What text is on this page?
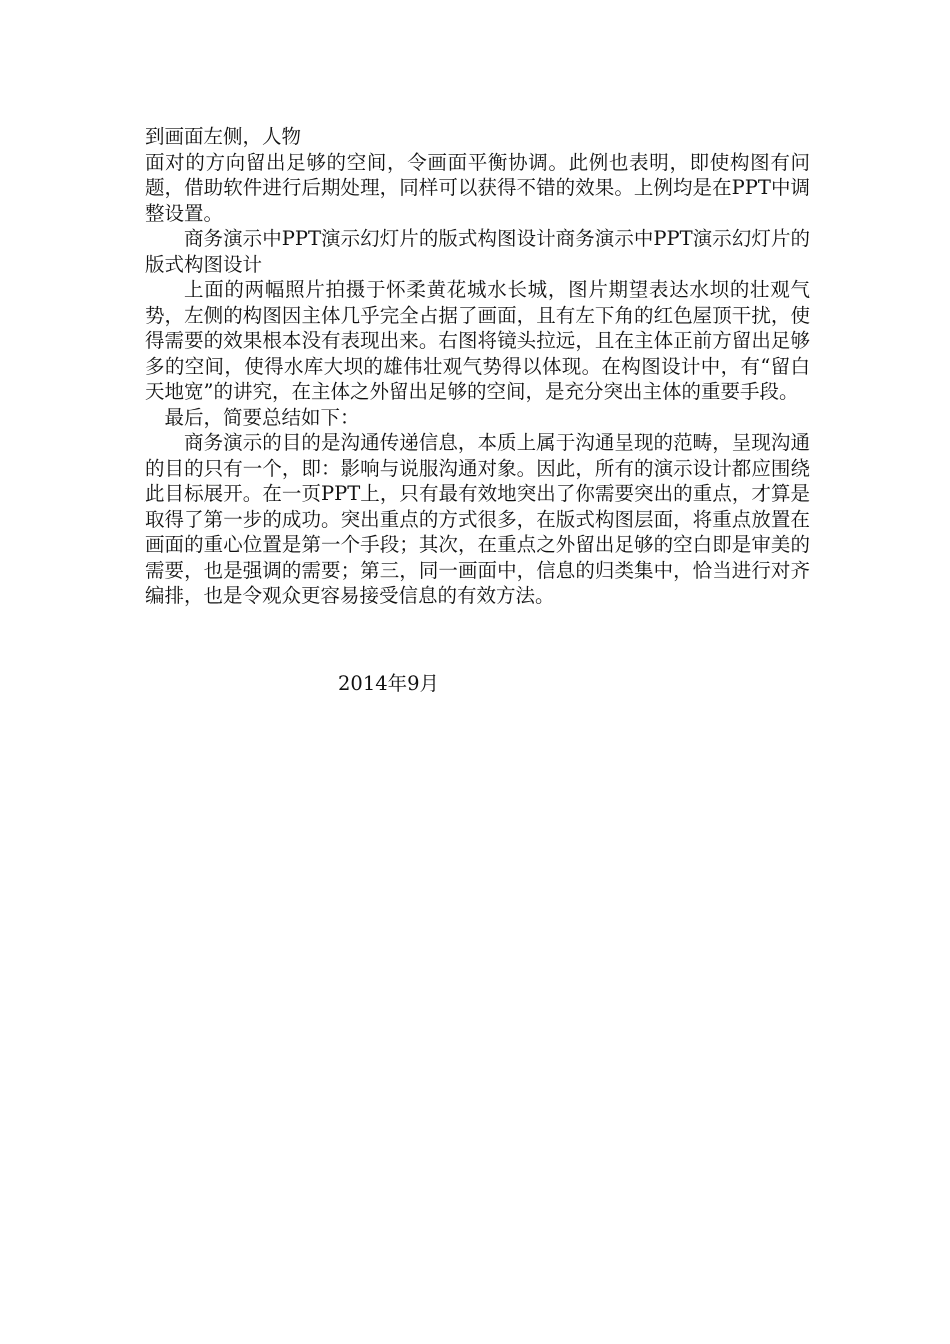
到画面左侧，人物

面对的方向留出足够的空间，令画面平衡协调。此例也表明，即使构图有问题，借助软件进行后期处理，同样可以获得不错的效果。上例均是在PPT中调整设置。

商务演示中PPT演示幻灯片的版式构图设计商务演示中PPT演示幻灯片的版式构图设计

上面的两幅照片拍摄于怀柔黄花城水长城，图片期望表达水坝的壮观气势，左侧的构图因主体几乎完全占据了画面，且有左下角的红色屋顶干扰，使得需要的效果根本没有表现出来。右图将镜头拉远，且在主体正前方留出足够多的空间，使得水库大坝的雄伟壮观气势得以体现。在构图设计中，有“留白天地宽”的讲究，在主体之外留出足够的空间，是充分突出主体的重要手段。

最后，简要总结如下：

商务演示的目的是沟通传递信息，本质上属于沟通呈现的范畴，呈现沟通的目的只有一个，即：影响与说服沟通对象。因此，所有的演示设计都应围绕此目标展开。在一页PPT上，只有最有效地突出了你需要突出的重点，才算是取得了第一步的成功。突出重点的方式很多，在版式构图层面，将重点放置在画面的重心位置是第一个手段；其次，在重点之外留出足够的空白即是审美的需要，也是强调的需要；第三，同一画面中，信息的归类集中，恰当进行对齐编排，也是令观众更容易接受信息的有效方法。

2014年9月
